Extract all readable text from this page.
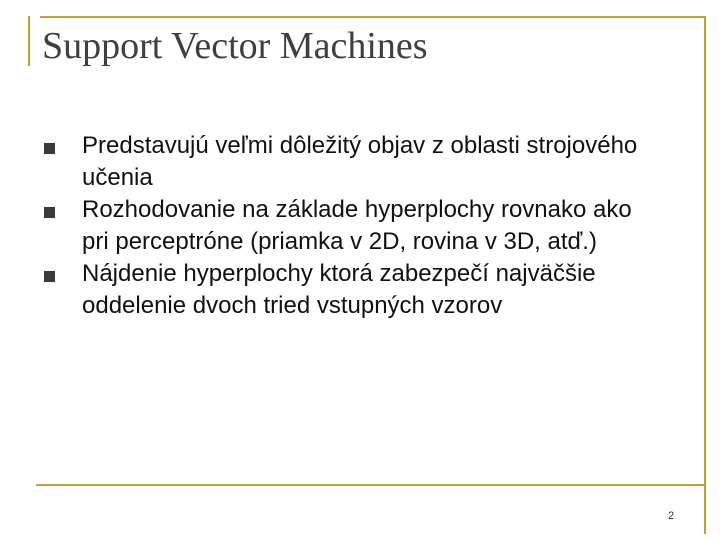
Support Vector Machines
Predstavujú veľmi dôležitý objav z oblasti strojového učenia
Rozhodovanie na základe hyperplochy rovnako ako pri perceptróne (priamka v 2D, rovina v 3D, atď.)
Nájdenie hyperplochy ktorá zabezpečí najväčšie oddelenie dvoch tried vstupných vzorov
2
